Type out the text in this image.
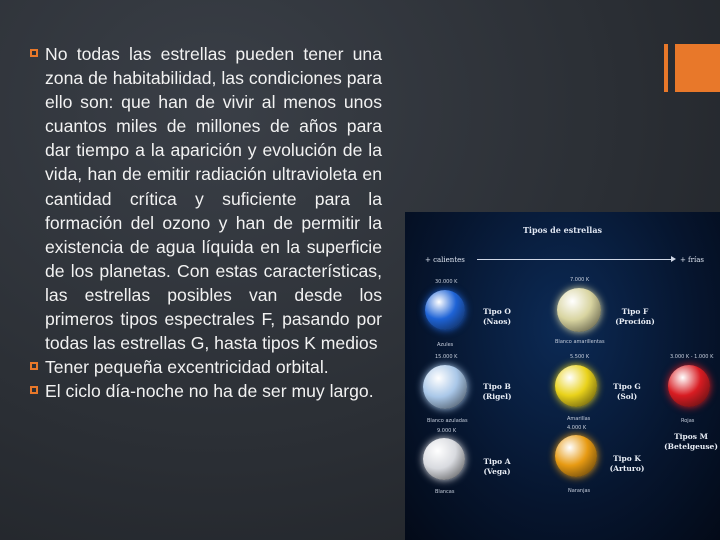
No todas las estrellas pueden tener una zona de habitabilidad, las condiciones para ello son: que han de vivir al menos unos cuantos miles de millones de años para dar tiempo a la aparición y evolución de la vida, han de emitir radiación ultravioleta en cantidad crítica y suficiente para la formación del ozono y han de permitir la existencia de agua líquida en la superficie de los planetas. Con estas características, las estrellas posibles van desde los primeros tipos espectrales F, pasando por todas las estrellas G, hasta tipos K medios
Tener pequeña excentricidad orbital.
El ciclo día-noche no ha de ser muy largo.
Tipos de estrellas
+ calientes	+ frías
30.000 K
Azules
Tipo O
(Naos)
7.000 K
Blanco amarillentas
Tipo F
(Proción)
15.000 K
Blanco azuladas
Tipo B
(Rigel)
5.500 K
Amarillas
Tipo G
(Sol)
3.000 K - 1.000 K
Rojas
Tipos M
(Betelgeuse)
9.000 K
Blancas
Tipo A
(Vega)
4.000 K
Naranjas
Tipo K
(Arturo)
